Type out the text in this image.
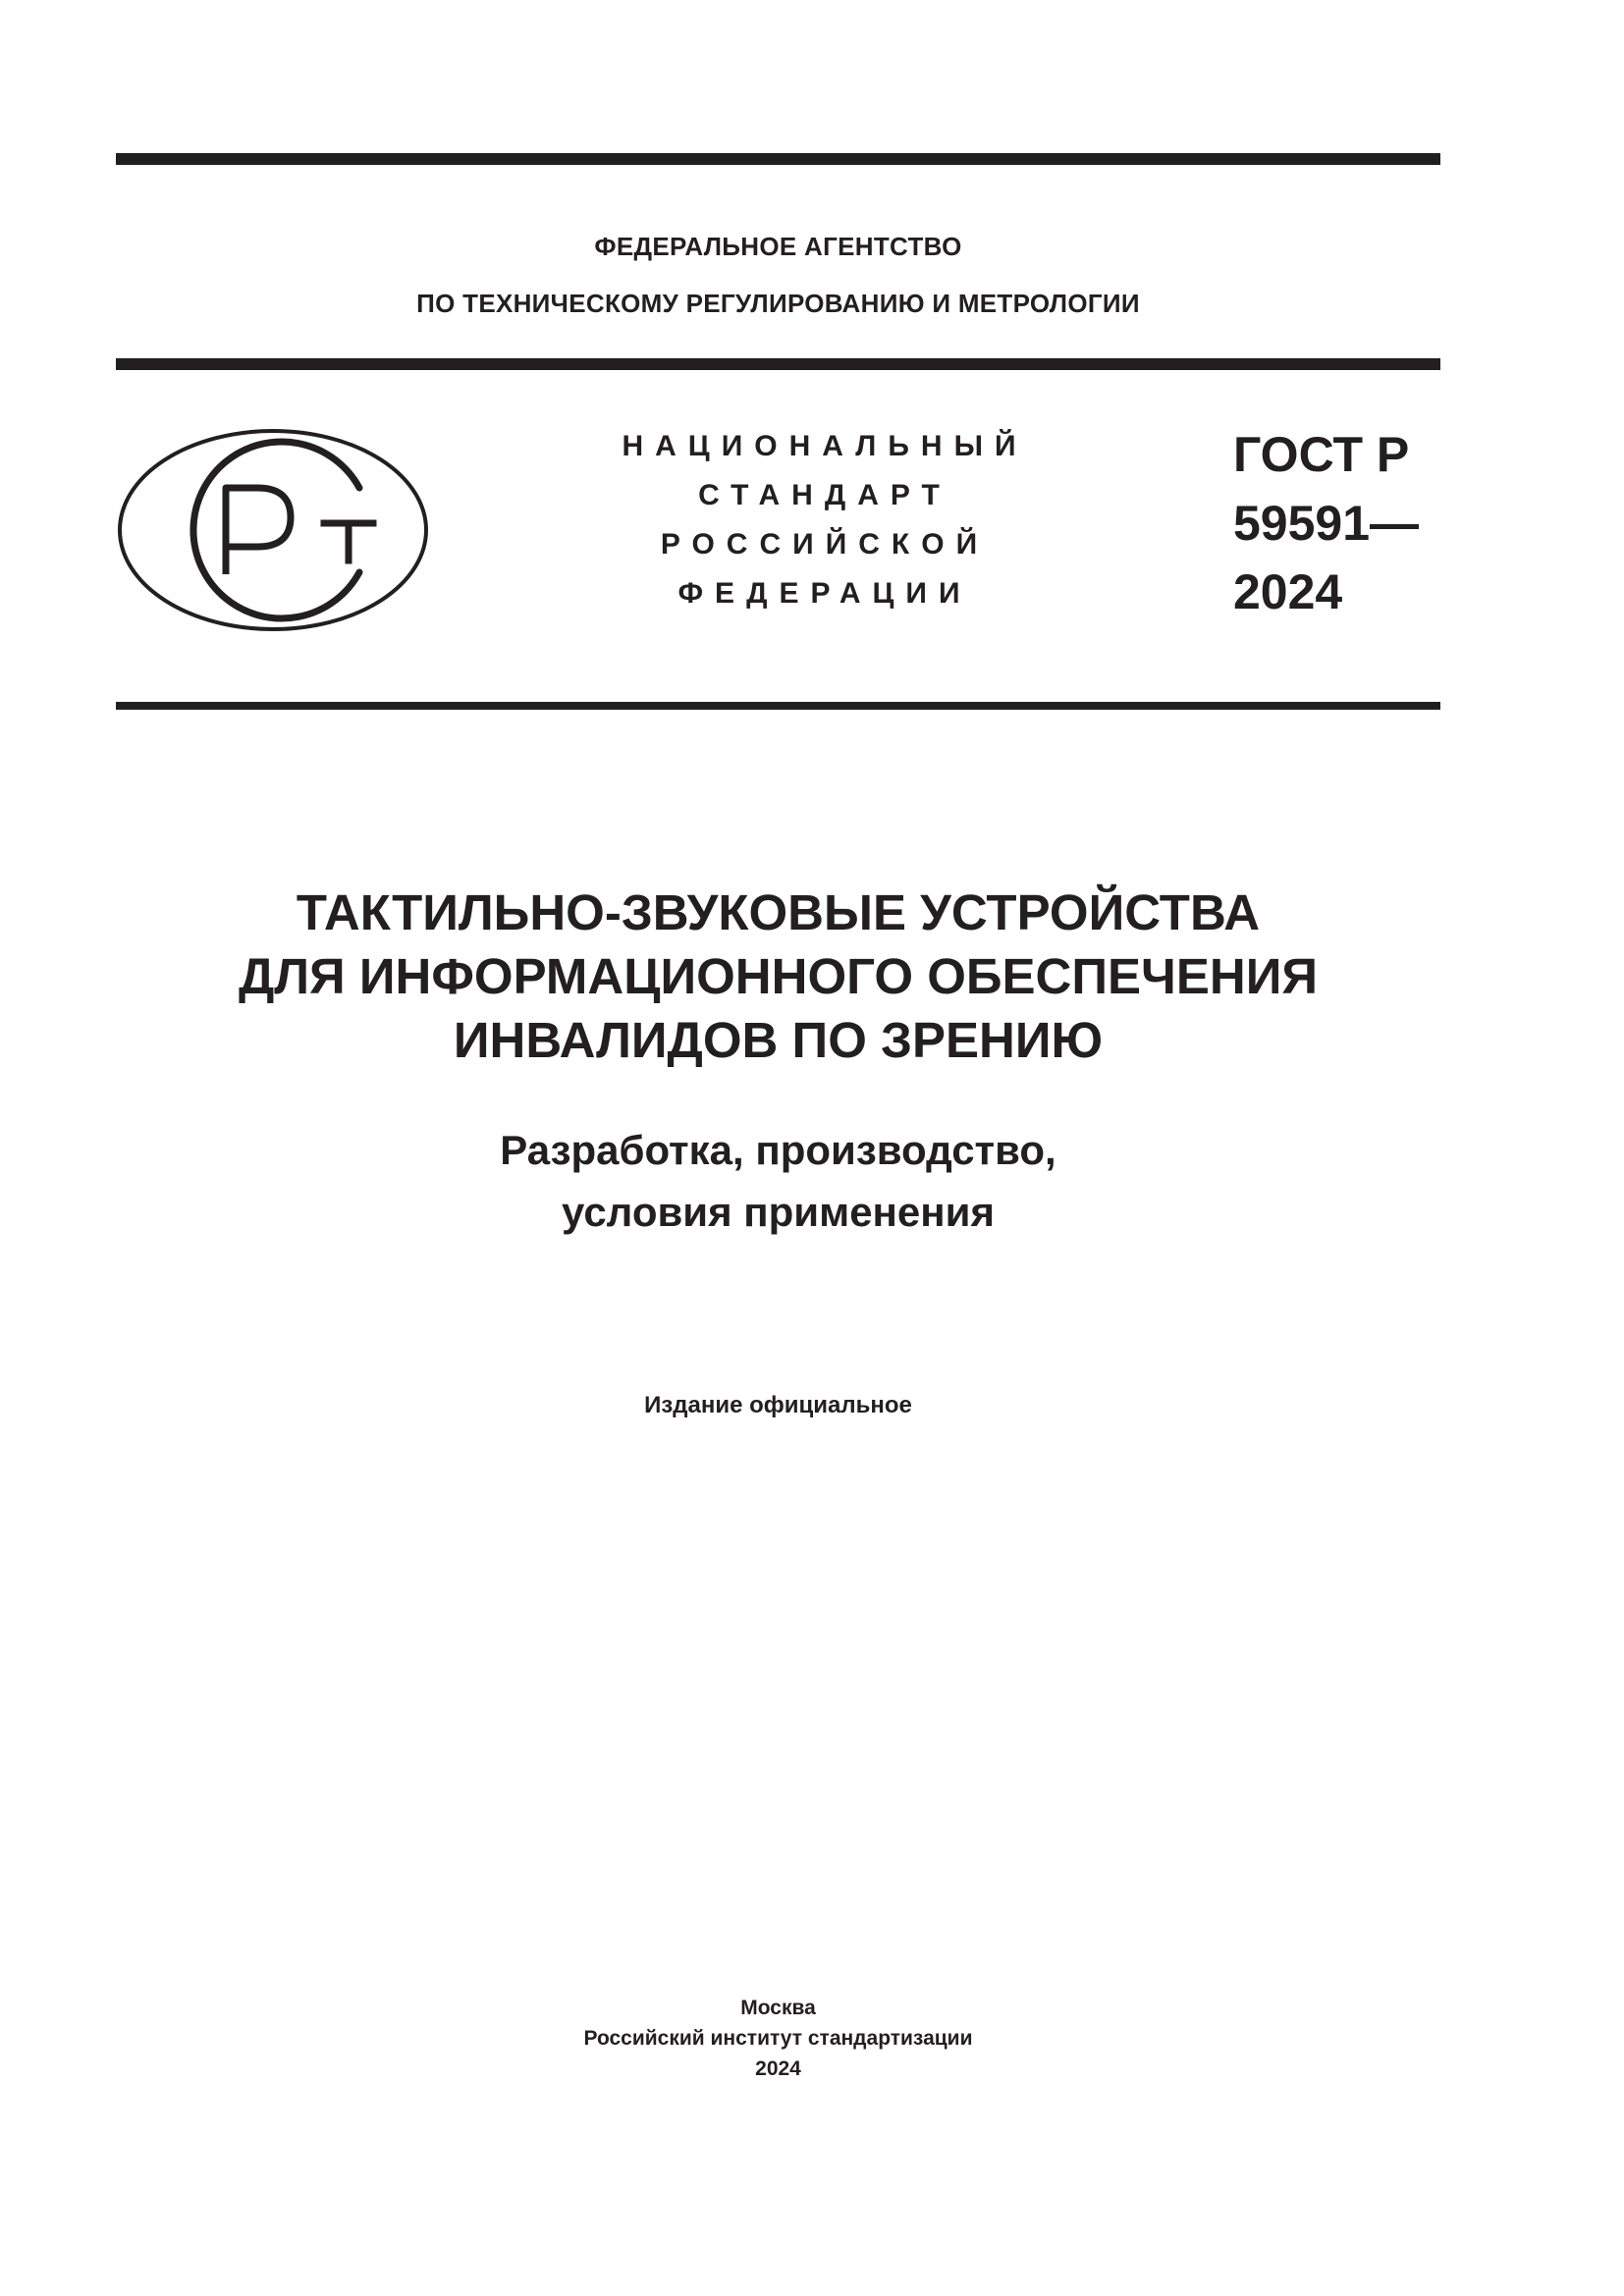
ФЕДЕРАЛЬНОЕ АГЕНТСТВО
ПО ТЕХНИЧЕСКОМУ РЕГУЛИРОВАНИЮ И МЕТРОЛОГИИ
НАЦИОНАЛЬНЫЙ
СТАНДАРТ
РОССИЙСКОЙ
ФЕДЕРАЦИИ
ГОСТ Р
59591—
2024
ТАКТИЛЬНО-ЗВУКОВЫЕ УСТРОЙСТВА
ДЛЯ ИНФОРМАЦИОННОГО ОБЕСПЕЧЕНИЯ
ИНВАЛИДОВ ПО ЗРЕНИЮ
Разработка, производство,
условия применения
Издание официальное
Москва
Российский институт стандартизации
2024
